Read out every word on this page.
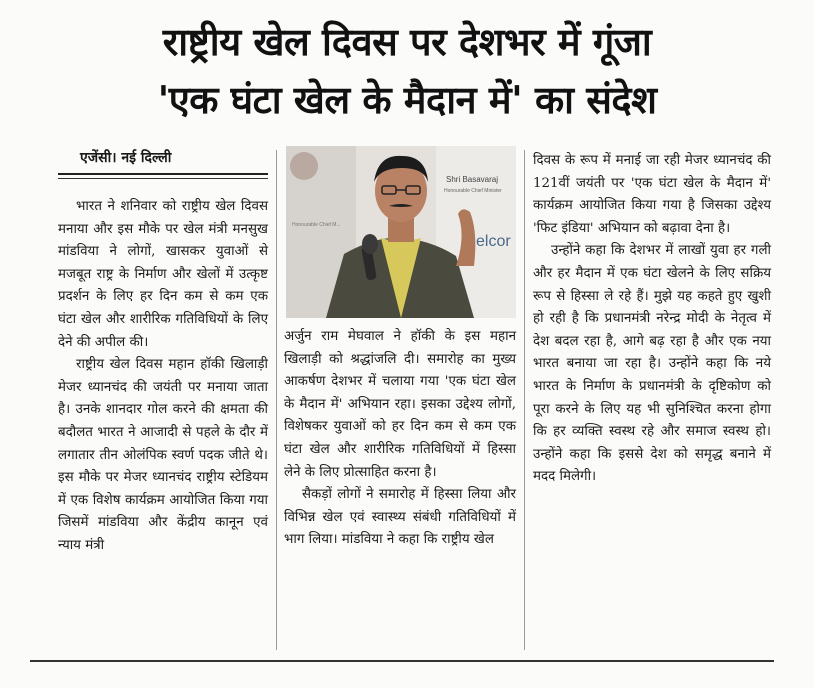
राष्ट्रीय खेल दिवस पर देशभर में गूंजा
'एक घंटा खेल के मैदान में' का संदेश
एजेंसी। नई दिल्ली

भारत ने शनिवार को राष्ट्रीय खेल दिवस मनाया और इस मौके पर खेल मंत्री मनसुख मांडविया ने लोगों, खासकर युवाओं से मजबूत राष्ट्र के निर्माण और खेलों में उत्कृष्ट प्रदर्शन के लिए हर दिन कम से कम एक घंटा खेल और शारीरिक गतिविधियों के लिए देने की अपील की।

राष्ट्रीय खेल दिवस महान हॉकी खिलाड़ी मेजर ध्यानचंद की जयंती पर मनाया जाता है। उनके शानदार गोल करने की क्षमता की बदौलत भारत ने आजादी से पहले के दौर में लगातार तीन ओलंपिक स्वर्ण पदक जीते थे। इस मौके पर मेजर ध्यानचंद राष्ट्रीय स्टेडियम में एक विशेष कार्यक्रम आयोजित किया गया जिसमें मांडविया और केंद्रीय कानून एवं न्याय मंत्री

Shri Basavaraj
Honourable Chief Minister
elcor
Honourable Chief M...

अर्जुन राम मेघवाल ने हॉकी के इस महान खिलाड़ी को श्रद्धांजलि दी। समारोह का मुख्य आकर्षण देशभर में चलाया गया 'एक घंटा खेल के मैदान में' अभियान रहा। इसका उद्देश्य लोगों, विशेषकर युवाओं को हर दिन कम से कम एक घंटा खेल और शारीरिक गतिविधियों में हिस्सा लेने के लिए प्रोत्साहित करना है।

सैकड़ों लोगों ने समारोह में हिस्सा लिया और विभिन्न खेल एवं स्वास्थ्य संबंधी गतिविधियों में भाग लिया। मांडविया ने कहा कि राष्ट्रीय खेल

दिवस के रूप में मनाई जा रही मेजर ध्यानचंद की 121वीं जयंती पर 'एक घंटा खेल के मैदान में' कार्यक्रम आयोजित किया गया है जिसका उद्देश्य 'फिट इंडिया' अभियान को बढ़ावा देना है।

उन्होंने कहा कि देशभर में लाखों युवा हर गली और हर मैदान में एक घंटा खेलने के लिए सक्रिय रूप से हिस्सा ले रहे हैं। मुझे यह कहते हुए खुशी हो रही है कि प्रधानमंत्री नरेन्द्र मोदी के नेतृत्व में देश बदल रहा है, आगे बढ़ रहा है और एक नया भारत बनाया जा रहा है। उन्होंने कहा कि नये भारत के निर्माण के प्रधानमंत्री के दृष्टिकोण को पूरा करने के लिए यह भी सुनिश्चित करना होगा कि हर व्यक्ति स्वस्थ रहे और समाज स्वस्थ हो। उन्होंने कहा कि इससे देश को समृद्ध बनाने में मदद मिलेगी।
